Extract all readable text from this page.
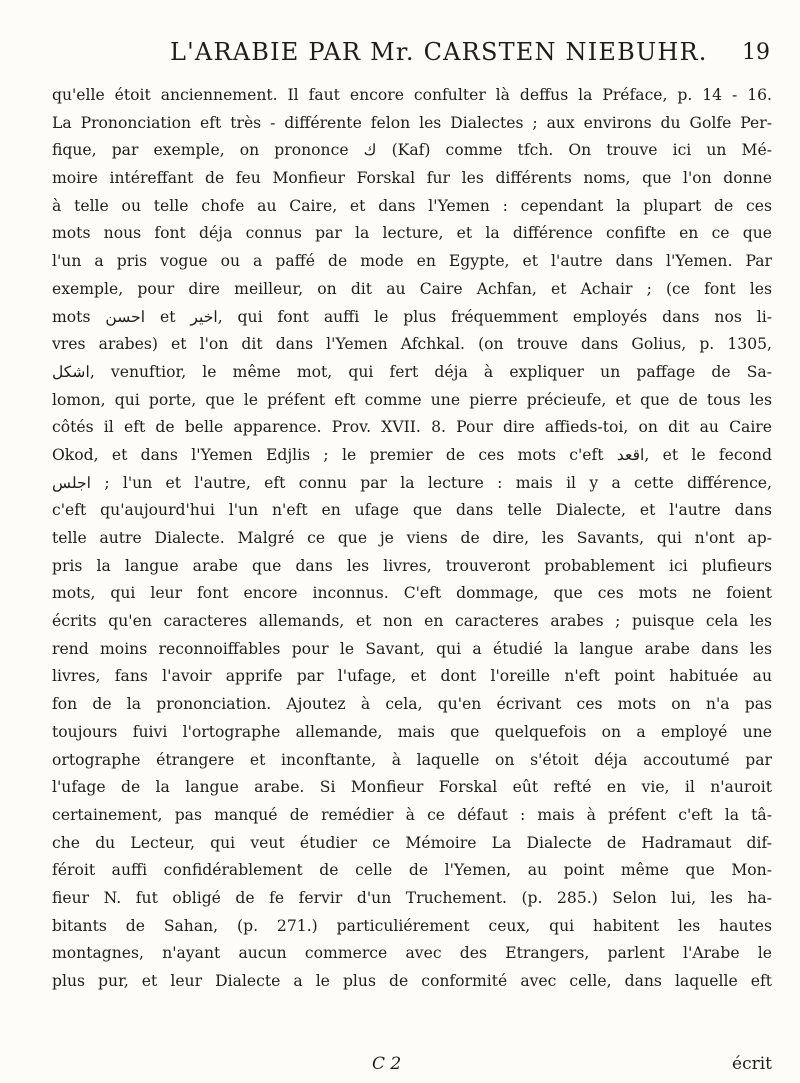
L'ARABIE PAR Mr. CARSTEN NIEBUHR. 19
qu'elle étoit anciennement. Il faut encore confulter là deffus la Préface, p. 14 - 16.
La Prononciation eft très - différente felon les Dialectes ; aux environs du Golfe Per-
fique, par exemple, on prononce ك (Kaf) comme tfch. On trouve ici un Mé-
moire intéreffant de feu Monfieur Forskal fur les différents noms, que l'on donne
à telle ou telle chofe au Caire, et dans l'Yemen : cependant la plupart de ces
mots nous font déja connus par la lecture, et la différence confifte en ce que
l'un a pris vogue ou a paffé de mode en Egypte, et l'autre dans l'Yemen. Par
exemple, pour dire meilleur, on dit au Caire Achfan, et Achair ; (ce font les
mots احسن et اخير, qui font auffi le plus fréquemment employés dans nos li-
vres arabes) et l'on dit dans l'Yemen Afchkal. (on trouve dans Golius, p. 1305,
اشكل, venuftior, le même mot, qui fert déja à expliquer un paffage de Sa-
lomon, qui porte, que le préfent eft comme une pierre précieufe, et que de tous les
côtés il eft de belle apparence. Prov. XVII. 8. Pour dire affieds-toi, on dit au Caire
Okod, et dans l'Yemen Edjlis ; le premier de ces mots c'eft اقعد, et le fecond
اجلس ; l'un et l'autre, eft connu par la lecture : mais il y a cette différence,
c'eft qu'aujourd'hui l'un n'eft en ufage que dans telle Dialecte, et l'autre dans
telle autre Dialecte. Malgré ce que je viens de dire, les Savants, qui n'ont ap-
pris la langue arabe que dans les livres, trouveront probablement ici plufieurs
mots, qui leur font encore inconnus. C'eft dommage, que ces mots ne foient
écrits qu'en caracteres allemands, et non en caracteres arabes ; puisque cela les
rend moins reconnoiffables pour le Savant, qui a étudié la langue arabe dans les
livres, fans l'avoir apprife par l'ufage, et dont l'oreille n'eft point habituée au
fon de la prononciation. Ajoutez à cela, qu'en écrivant ces mots on n'a pas
toujours fuivi l'ortographe allemande, mais que quelquefois on a employé une
ortographe étrangere et inconftante, à laquelle on s'étoit déja accoutumé par
l'ufage de la langue arabe. Si Monfieur Forskal eût refté en vie, il n'auroit
certainement, pas manqué de remédier à ce défaut : mais à préfent c'eft la tâ-
che du Lecteur, qui veut étudier ce Mémoire La Dialecte de Hadramaut dif-
féroit auffi confidérablement de celle de l'Yemen, au point même que Mon-
fieur N. fut obligé de fe fervir d'un Truchement. (p. 285.) Selon lui, les ha-
bitants de Sahan, (p. 271.) particuliérement ceux, qui habitent les hautes
montagnes, n'ayant aucun commerce avec des Etrangers, parlent l'Arabe le
plus pur, et leur Dialecte a le plus de conformité avec celle, dans laquelle eft
C 2	écrit
